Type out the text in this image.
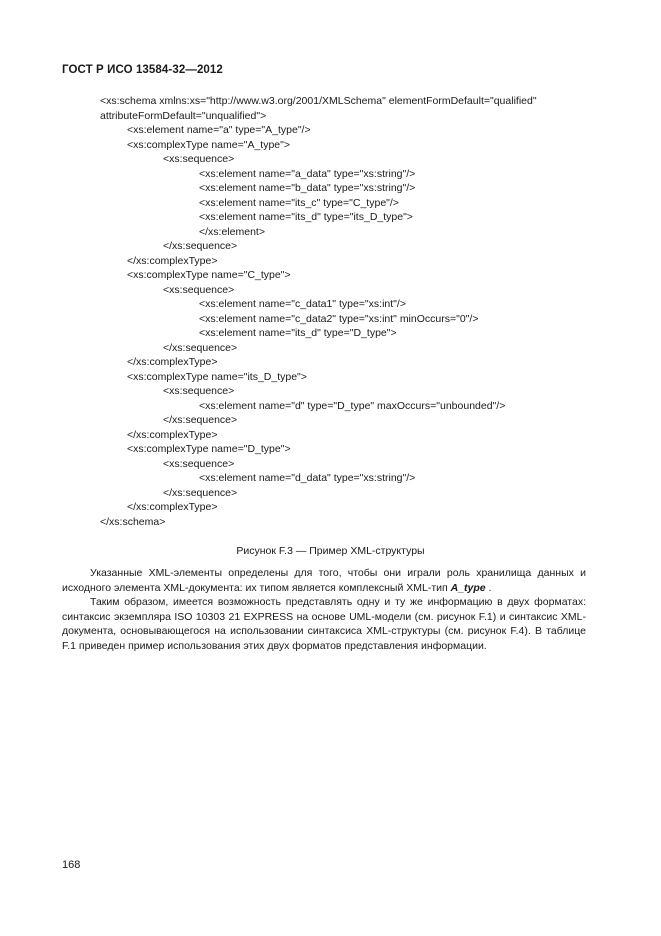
ГОСТ Р ИСО 13584-32—2012
<xs:schema xmlns:xs="http://www.w3.org/2001/XMLSchema" elementFormDefault="qualified"
attributeFormDefault="unqualified">
<xs:element name="a" type="A_type"/>
<xs:complexType name="A_type">
<xs:sequence>
<xs:element name="a_data" type="xs:string"/>
<xs:element name="b_data" type="xs:string"/>
<xs:element name="its_c" type="C_type"/>
<xs:element name="its_d" type="its_D_type">
</xs:element>
</xs:sequence>
</xs:complexType>
<xs:complexType name="C_type">
<xs:sequence>
<xs:element name="c_data1" type="xs:int"/>
<xs:element name="c_data2" type="xs:int" minOccurs="0"/>
<xs:element name="its_d" type="D_type">
</xs:sequence>
</xs:complexType>
<xs:complexType name="its_D_type">
<xs:sequence>
<xs:element name="d" type="D_type" maxOccurs="unbounded"/>
</xs:sequence>
</xs:complexType>
<xs:complexType name="D_type">
<xs:sequence>
<xs:element name="d_data" type="xs:string"/>
</xs:sequence>
</xs:complexType>
</xs:schema>
Рисунок F.3 — Пример XML-структуры
Указанные XML-элементы определены для того, чтобы они играли роль хранилища данных и исходного элемента XML-документа: их типом является комплексный XML-тип A_type .
Таким образом, имеется возможность представлять одну и ту же информацию в двух форматах: синтаксис экземпляра ISO 10303 21 EXPRESS на основе UML-модели (см. рисунок F.1) и синтаксис XML-документа, основывающегося на использовании синтаксиса XML-структуры (см. рисунок F.4). В таблице F.1 приведен пример использования этих двух форматов представления информации.
168
